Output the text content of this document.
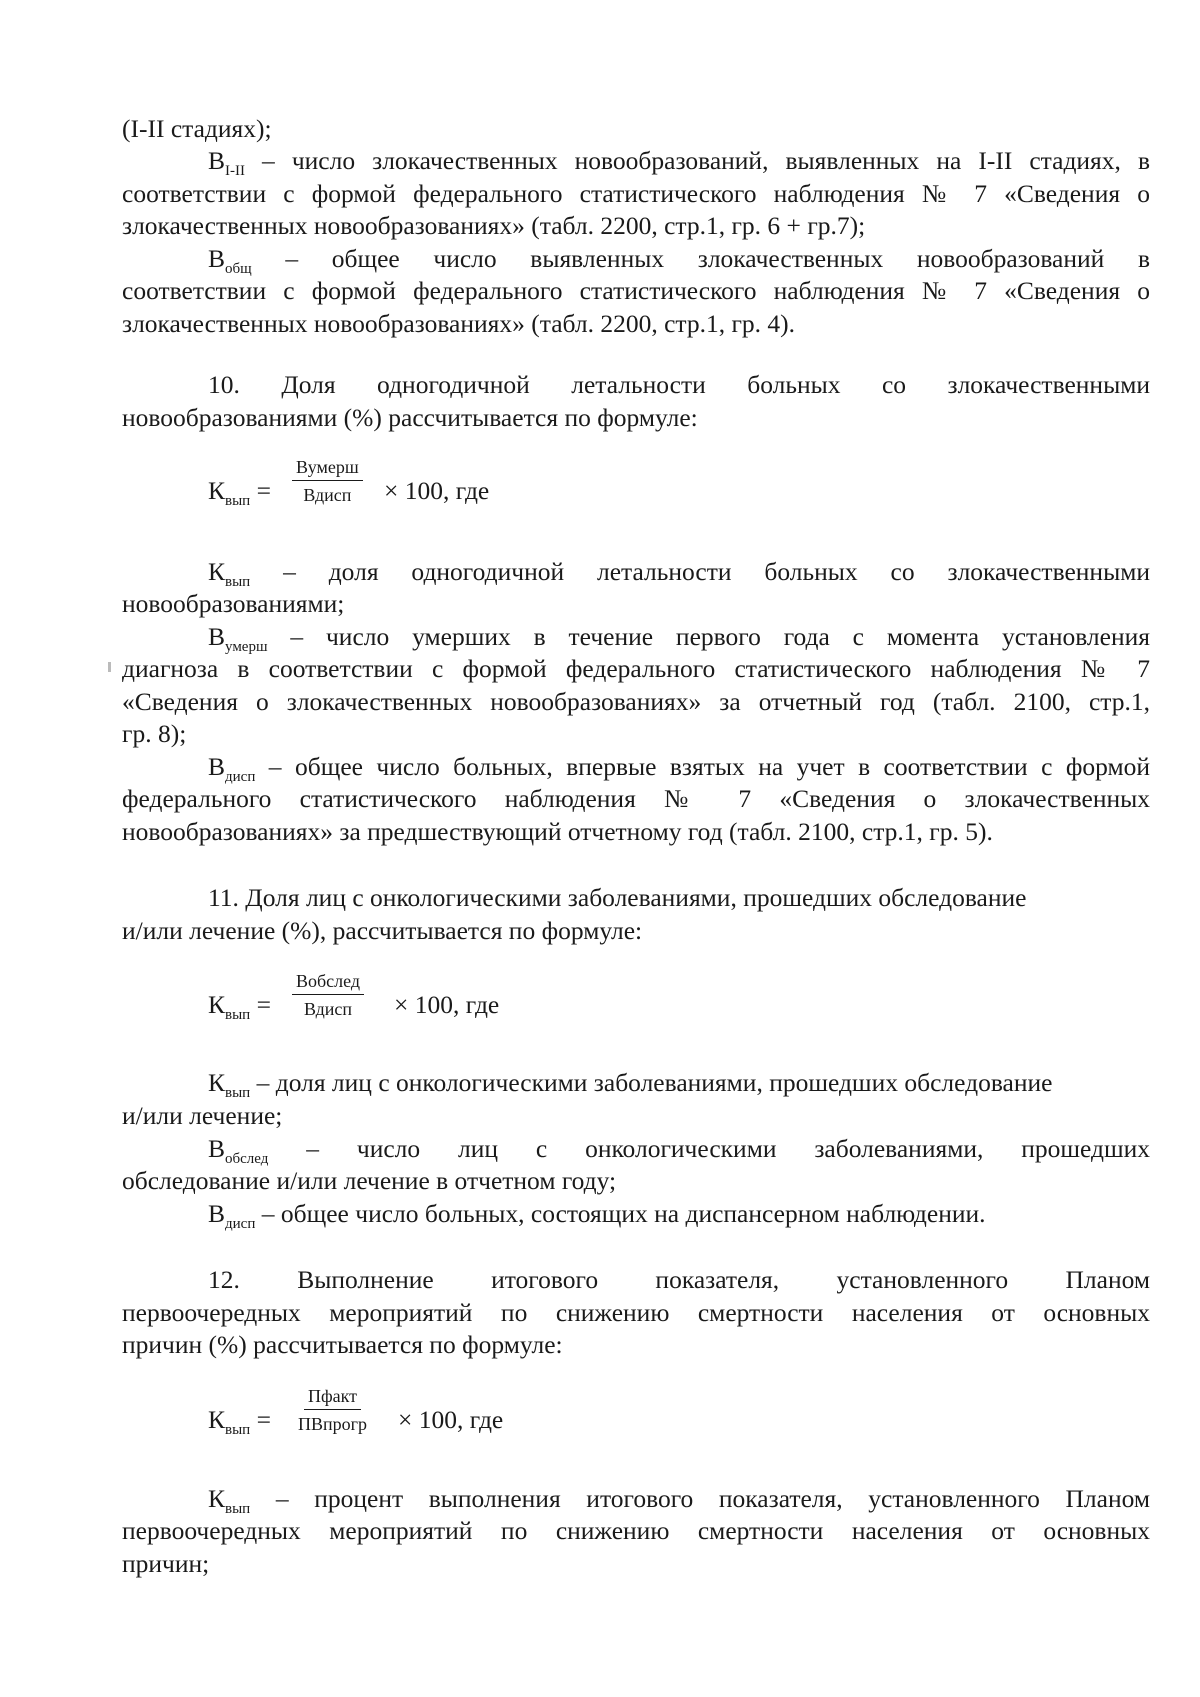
(I-II стадиях);
$В_{I-II}$ – число злокачественных новообразований, выявленных на I-II стадиях, в
соответствии с формой федерального статистического наблюдения № 7 «Сведения о
злокачественных новообразованиях» (табл. 2200, стр.1, гр. 6 + гр.7);
$В_{общ}$ – общее число выявленных злокачественных новообразований в
соответствии с формой федерального статистического наблюдения № 7 «Сведения о
злокачественных новообразованиях» (табл. 2200, стр.1, гр. 4).
10. Доля одногодичной летальности больных со злокачественными
новообразованиями (%) рассчитывается по формуле:
$К_{вып}$ =
Вумерш
Вдисп × 100, где
$К_{вып}$ – доля одногодичной летальности больных со злокачественными
новообразованиями;
$В_{умерш}$ – число умерших в течение первого года с момента установления
диагноза в соответствии с формой федерального статистического наблюдения № 7
«Сведения о злокачественных новообразованиях» за отчетный год (табл. 2100, стр.1,
гр. 8);
$В_{дисп}$ – общее число больных, впервые взятых на учет в соответствии с формой
федерального статистического наблюдения № 7 «Сведения о злокачественных
новообразованиях» за предшествующий отчетному год (табл. 2100, стр.1, гр. 5).
11. Доля лиц с онкологическими заболеваниями, прошедших обследование
и/или лечение (%), рассчитывается по формуле:
$К_{вып}$ =
Вобслед
Вдисп × 100, где
$К_{вып}$ – доля лиц с онкологическими заболеваниями, прошедших обследование
и/или лечение;
$В_{обслед}$ – число лиц с онкологическими заболеваниями, прошедших
обследование и/или лечение в отчетном году;
$В_{дисп}$ – общее число больных, состоящих на диспансерном наблюдении.
12. Выполнение итогового показателя, установленного Планом
первоочередных мероприятий по снижению смертности населения от основных
причин (%) рассчитывается по формуле:
$К_{вып}$ =
Пфакт
ПВпрогр × 100, где
$К_{вып}$ – процент выполнения итогового показателя, установленного Планом
первоочередных мероприятий по снижению смертности населения от основных
причин;
